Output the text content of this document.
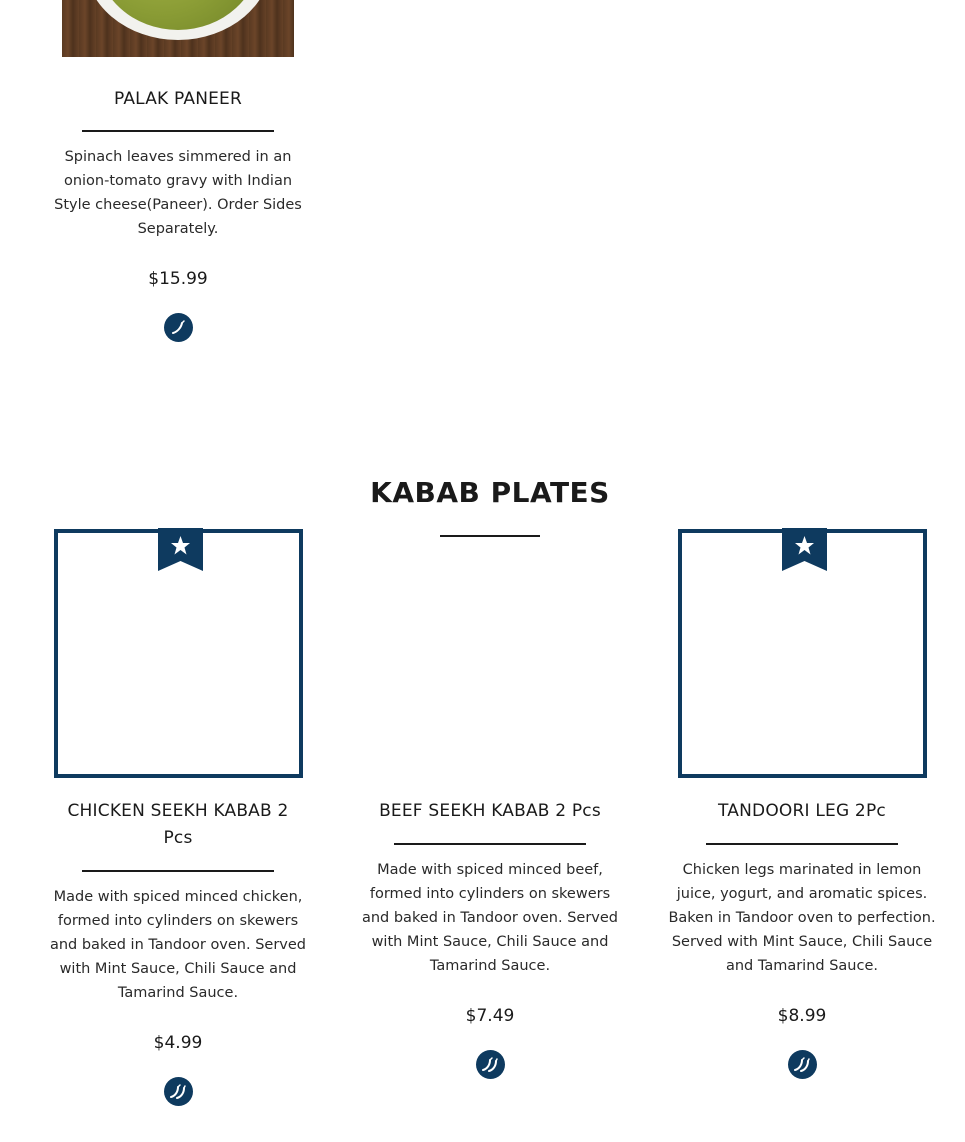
PALAK PANEER
Spinach leaves simmered in an onion-tomato gravy with Indian Style cheese(Paneer). Order Sides Separately.
$15.99
KABAB PLATES
CHICKEN SEEKH KABAB 2 Pcs
Made with spiced minced chicken, formed into cylinders on skewers and baked in Tandoor oven. Served with Mint Sauce, Chili Sauce and Tamarind Sauce.
$4.99
BEEF SEEKH KABAB 2 Pcs
Made with spiced minced beef, formed into cylinders on skewers and baked in Tandoor oven. Served with Mint Sauce, Chili Sauce and Tamarind Sauce.
$7.49
TANDOORI LEG 2Pc
Chicken legs marinated in lemon juice, yogurt, and aromatic spices. Baken in Tandoor oven to perfection. Served with Mint Sauce, Chili Sauce and Tamarind Sauce.
$8.99
